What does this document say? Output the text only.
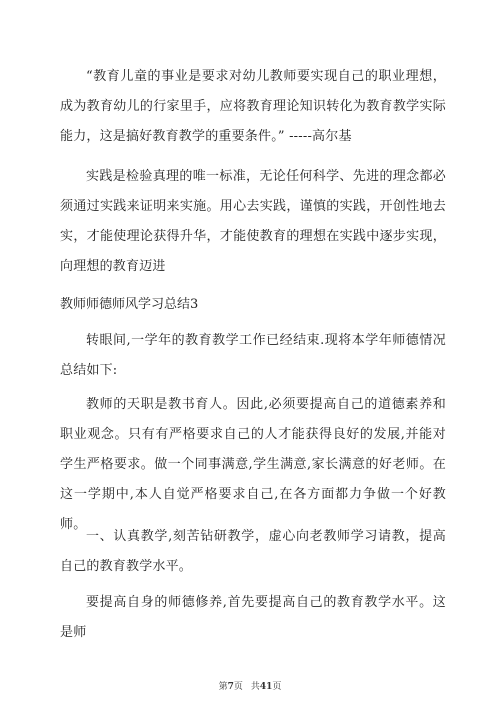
“教育儿童的事业是要求对幼儿教师要实现自己的职业理想，成为教育幼儿的行家里手，应将教育理论知识转化为教育教学实际能力，这是搞好教育教学的重要条件。” -----高尔基

实践是检验真理的唯一标准，无论任何科学、先进的理念都必须通过实践来证明来实施。用心去实践，谨慎的实践，开创性地去实，才能使理论获得升华，才能使教育的理想在实践中逐步实现，向理想的教育迈进

教师师德师风学习总结3

转眼间,一学年的教育教学工作已经结束.现将本学年师德情况总结如下:

教师的天职是教书育人。因此,必须要提高自己的道德素养和职业观念。只有有严格要求自己的人才能获得良好的发展,并能对学生严格要求。做一个同事满意,学生满意,家长满意的好老师。在这一学期中,本人自觉严格要求自己,在各方面都力争做一个好教师。

一、认真教学,刻苦钻研教学，虚心向老教师学习请教，提高自己的教育教学水平。

要提高自身的师德修养,首先要提高自己的教育教学水平。这是师

第7页 共41页
